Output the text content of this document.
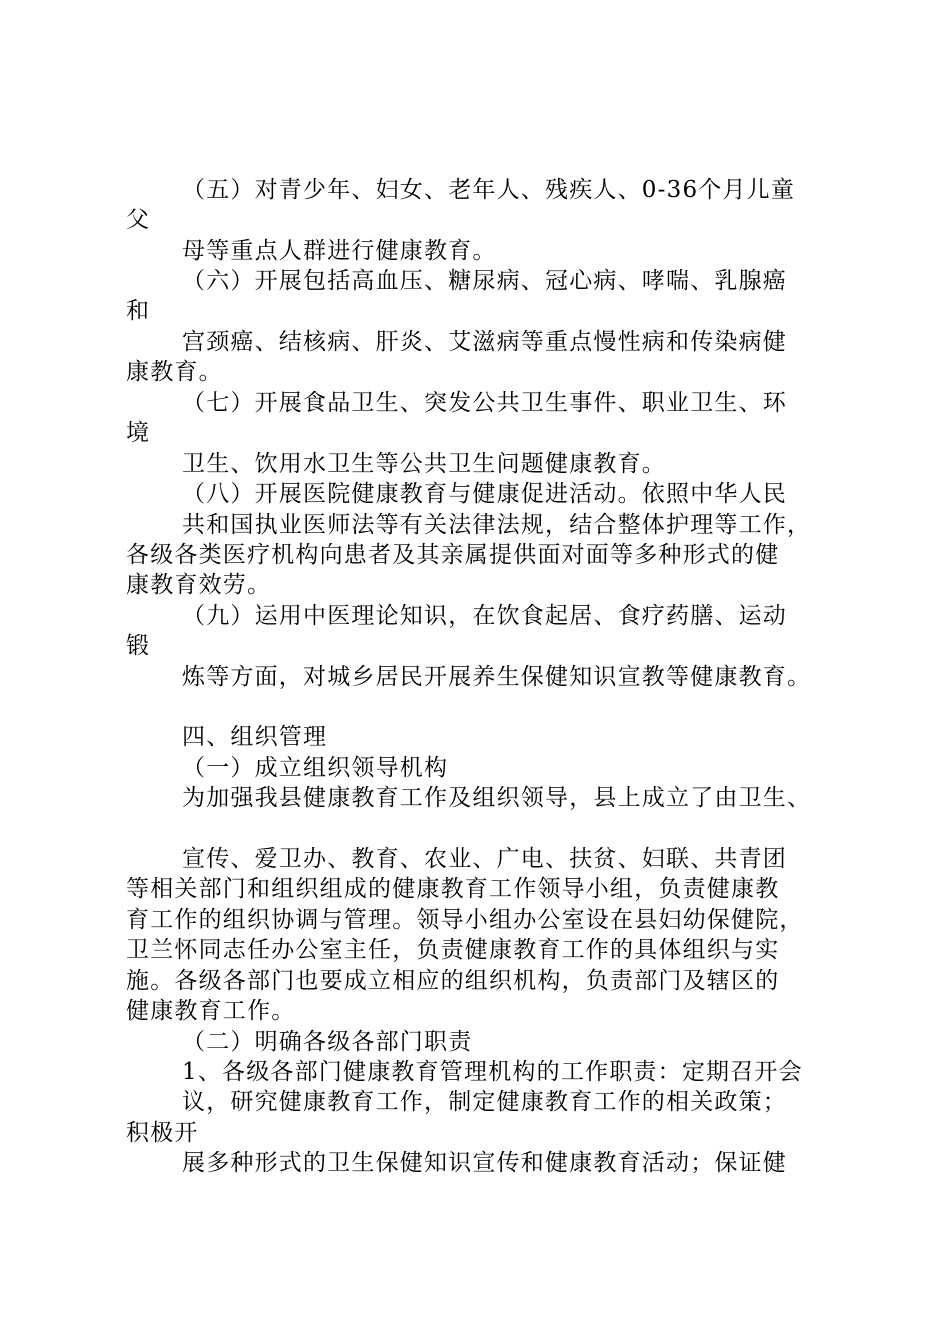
（五）对青少年、妇女、老年人、残疾人、0-36个月儿童

父

母等重点人群进行健康教育。

（六）开展包括高血压、糖尿病、冠心病、哮喘、乳腺癌

和

宫颈癌、结核病、肝炎、艾滋病等重点慢性病和传染病健

康教育。

（七）开展食品卫生、突发公共卫生事件、职业卫生、环

境

卫生、饮用水卫生等公共卫生问题健康教育。

（八）开展医院健康教育与健康促进活动。依照中华人民

共和国执业医师法等有关法律法规，结合整体护理等工作，

各级各类医疗机构向患者及其亲属提供面对面等多种形式的健

康教育效劳。

（九）运用中医理论知识，在饮食起居、食疗药膳、运动

锻

炼等方面，对城乡居民开展养生保健知识宣教等健康教育。

四、组织管理

（一）成立组织领导机构

为加强我县健康教育工作及组织领导，县上成立了由卫生、

宣传、爱卫办、教育、农业、广电、扶贫、妇联、共青团

等相关部门和组织组成的健康教育工作领导小组，负责健康教

育工作的组织协调与管理。领导小组办公室设在县妇幼保健院，

卫兰怀同志任办公室主任，负责健康教育工作的具体组织与实

施。各级各部门也要成立相应的组织机构，负责部门及辖区的

健康教育工作。

（二）明确各级各部门职责

1、各级各部门健康教育管理机构的工作职责：定期召开会

议，研究健康教育工作，制定健康教育工作的相关政策；

积极开

展多种形式的卫生保健知识宣传和健康教育活动；保证健
